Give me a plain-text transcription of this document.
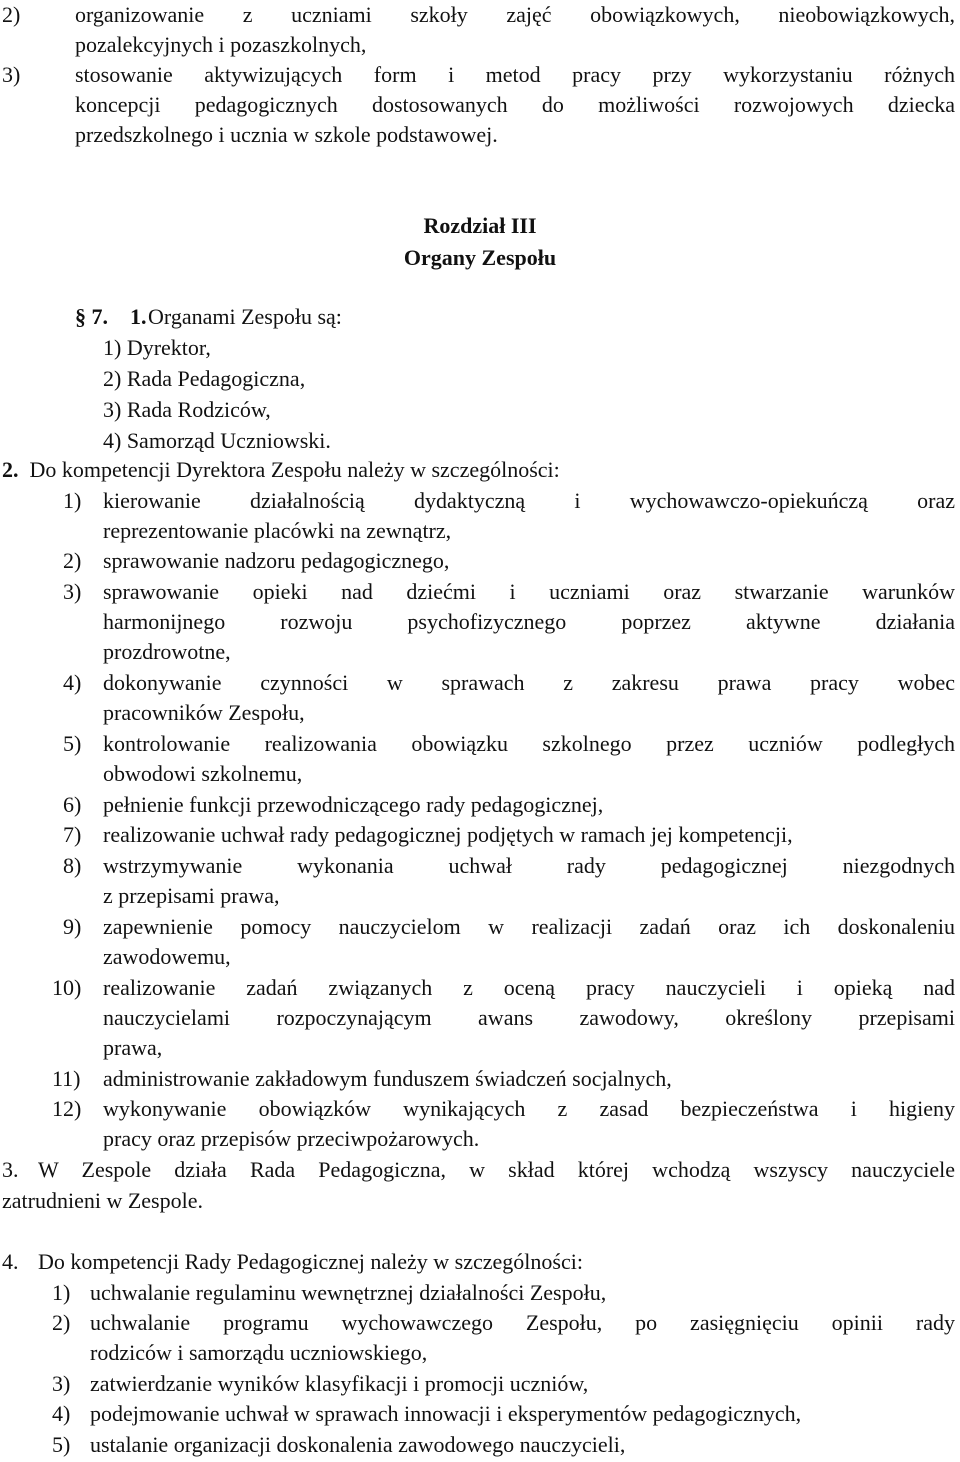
2) organizowanie z uczniami szkoły zajęć obowiązkowych, nieobowiązkowych,
pozalekcyjnych i pozaszkolnych,
3) stosowanie aktywizujących form i metod pracy przy wykorzystaniu różnych
koncepcji pedagogicznych dostosowanych do możliwości rozwojowych dziecka
przedszkolnego i ucznia w szkole podstawowej.
Rozdział III
Organy Zespołu
§ 7. 1. Organami Zespołu są:
1) Dyrektor,
2) Rada Pedagogiczna,
3) Rada Rodziców,
4) Samorząd Uczniowski.
2. Do kompetencji Dyrektora Zespołu należy w szczególności:
1) kierowanie działalnością dydaktyczną i wychowawczo-opiekuńczą oraz
reprezentowanie placówki na zewnątrz,
2) sprawowanie nadzoru pedagogicznego,
3) sprawowanie opieki nad dziećmi i uczniami oraz stwarzanie warunków
harmonijnego rozwoju psychofizycznego poprzez aktywne działania
prozdrowotne,
4) dokonywanie czynności w sprawach z zakresu prawa pracy wobec
pracowników Zespołu,
5) kontrolowanie realizowania obowiązku szkolnego przez uczniów podległych
obwodowi szkolnemu,
6) pełnienie funkcji przewodniczącego rady pedagogicznej,
7) realizowanie uchwał rady pedagogicznej podjętych w ramach jej kompetencji,
8) wstrzymywanie wykonania uchwał rady pedagogicznej niezgodnych
z przepisami prawa,
9) zapewnienie pomocy nauczycielom w realizacji zadań oraz ich doskonaleniu
zawodowemu,
10) realizowanie zadań związanych z oceną pracy nauczycieli i opieką nad
nauczycielami rozpoczynającym awans zawodowy, określony przepisami
prawa,
11) administrowanie zakładowym funduszem świadczeń socjalnych,
12) wykonywanie obowiązków wynikających z zasad bezpieczeństwa i higieny
pracy oraz przepisów przeciwpożarowych.
3. W Zespole działa Rada Pedagogiczna, w skład której wchodzą wszyscy nauczyciele
zatrudnieni w Zespole.
4. Do kompetencji Rady Pedagogicznej należy w szczególności:
1) uchwalanie regulaminu wewnętrznej działalności Zespołu,
2) uchwalanie programu wychowawczego Zespołu, po zasięgnięciu opinii rady
rodziców i samorządu uczniowskiego,
3) zatwierdzanie wyników klasyfikacji i promocji uczniów,
4) podejmowanie uchwał w sprawach innowacji i eksperymentów pedagogicznych,
5) ustalanie organizacji doskonalenia zawodowego nauczycieli,
